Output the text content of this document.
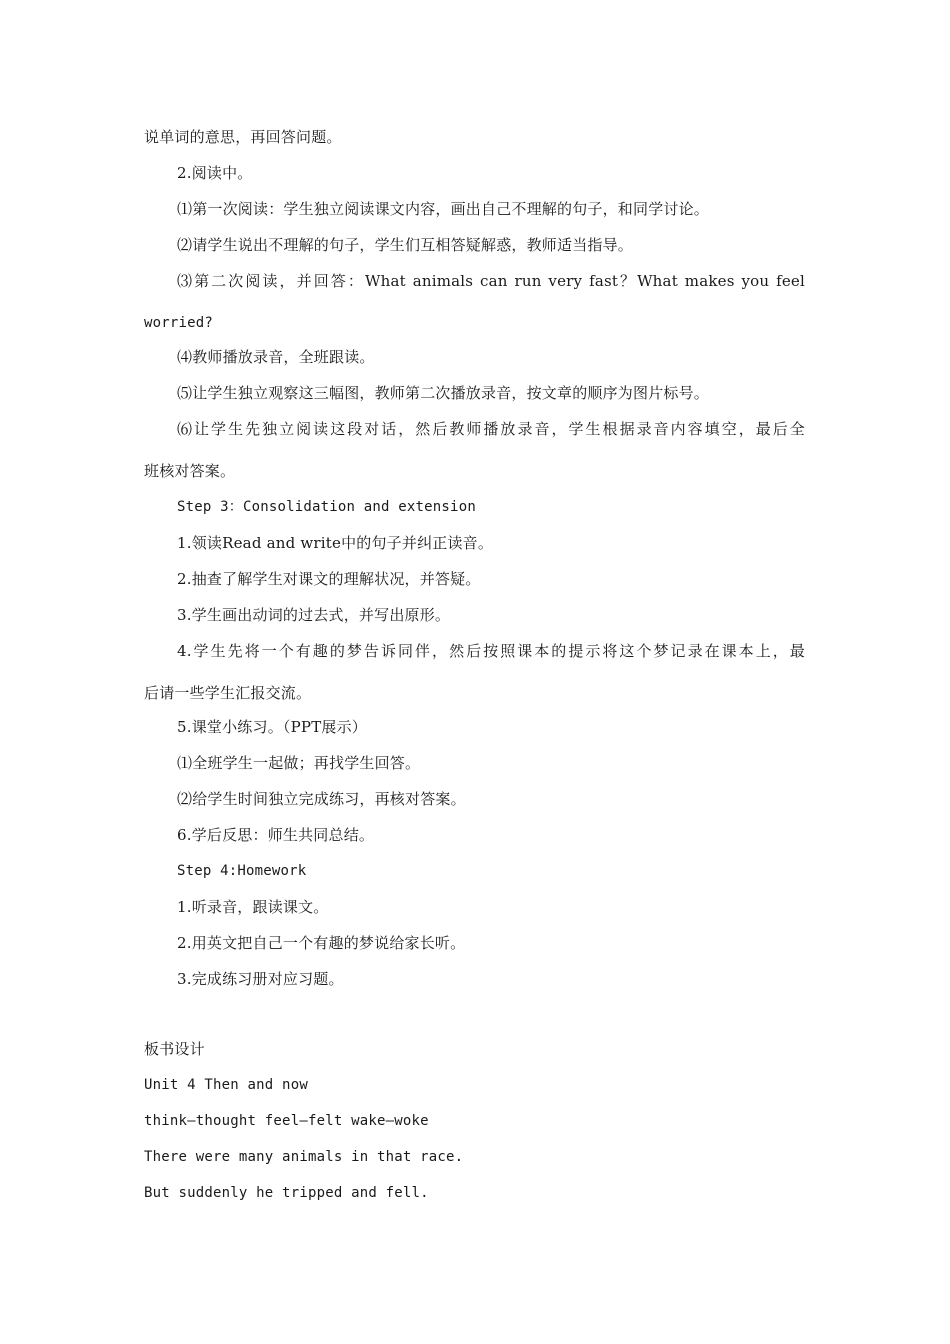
说单词的意思，再回答问题。
2.阅读中。
⑴第一次阅读：学生独立阅读课文内容，画出自己不理解的句子，和同学讨论。
⑵请学生说出不理解的句子，学生们互相答疑解惑，教师适当指导。
⑶第二次阅读，并回答：What animals can run very fast？What makes you feel
worried?
⑷教师播放录音，全班跟读。
⑸让学生独立观察这三幅图，教师第二次播放录音，按文章的顺序为图片标号。
⑹让学生先独立阅读这段对话，然后教师播放录音，学生根据录音内容填空，最后全
班核对答案。
Step 3：Consolidation and extension
1.领读Read and write中的句子并纠正读音。
2.抽查了解学生对课文的理解状况，并答疑。
3.学生画出动词的过去式，并写出原形。
4.学生先将一个有趣的梦告诉同伴，然后按照课本的提示将这个梦记录在课本上，最
后请一些学生汇报交流。
5.课堂小练习。（PPT展示）
⑴全班学生一起做；再找学生回答。
⑵给学生时间独立完成练习，再核对答案。
6.学后反思：师生共同总结。
Step 4:Homework
1.听录音，跟读课文。
2.用英文把自己一个有趣的梦说给家长听。
3.完成练习册对应习题。
板书设计
Unit 4 Then and now
think—thought feel—felt wake—woke
There were many animals in that race.
But suddenly he tripped and fell.
